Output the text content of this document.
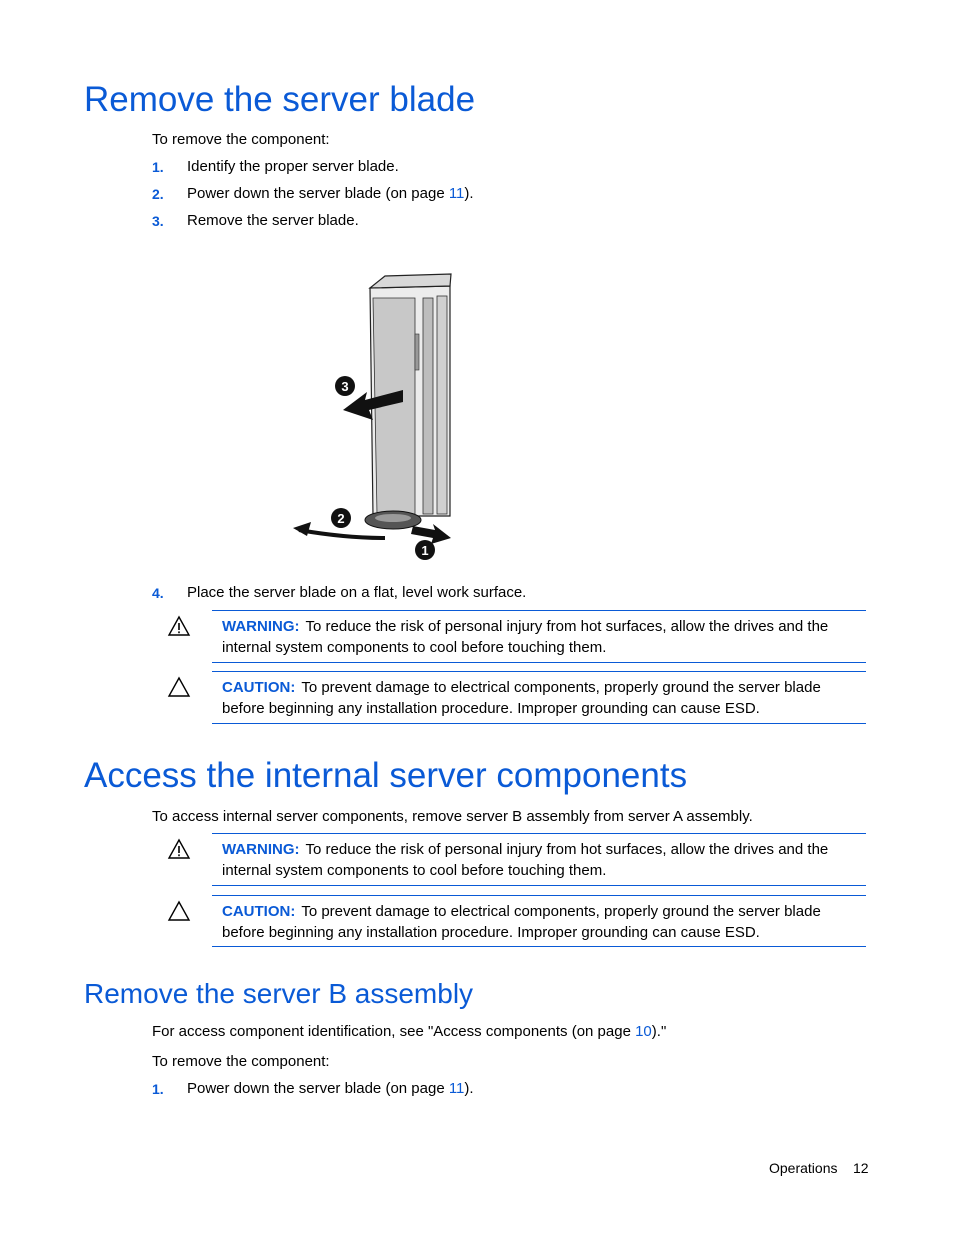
Remove the server blade
To remove the component:
1. Identify the proper server blade.
2. Power down the server blade (on page 11).
3. Remove the server blade.
3
2
1
4. Place the server blade on a flat, level work surface.
WARNING: To reduce the risk of personal injury from hot surfaces, allow the drives and the internal system components to cool before touching them.
CAUTION: To prevent damage to electrical components, properly ground the server blade before beginning any installation procedure. Improper grounding can cause ESD.
Access the internal server components
To access internal server components, remove server B assembly from server A assembly.
WARNING: To reduce the risk of personal injury from hot surfaces, allow the drives and the internal system components to cool before touching them.
CAUTION: To prevent damage to electrical components, properly ground the server blade before beginning any installation procedure. Improper grounding can cause ESD.
Remove the server B assembly
For access component identification, see "Access components (on page 10)."
To remove the component:
1. Power down the server blade (on page 11).
Operations 12
